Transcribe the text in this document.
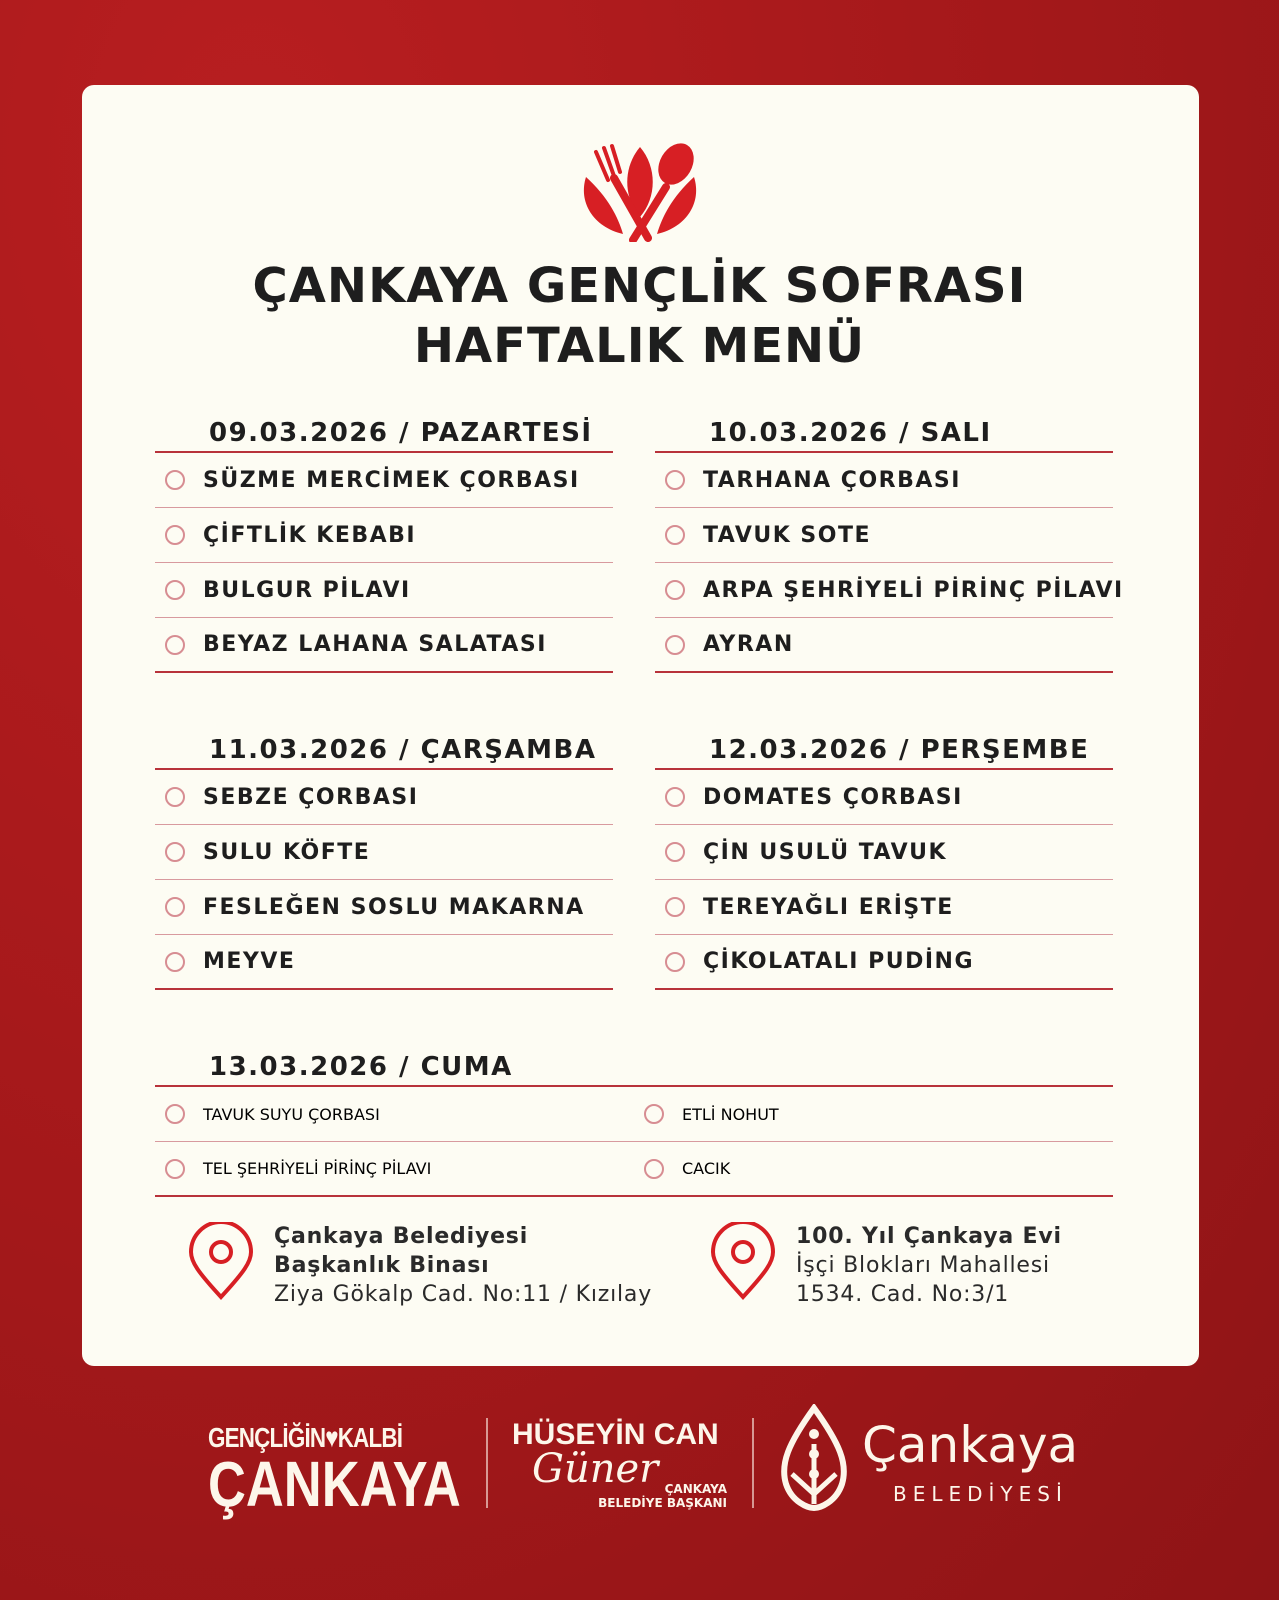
ÇANKAYA GENÇLİK SOFRASI
HAFTALIK MENÜ
09.03.2026 / PAZARTESİ
SÜZME MERCİMEK ÇORBASI
ÇİFTLİK KEBABI
BULGUR PİLAVI
BEYAZ LAHANA SALATASI
10.03.2026 / SALI
TARHANA ÇORBASI
TAVUK SOTE
ARPA ŞEHRİYELİ PİRİNÇ PİLAVI
AYRAN
11.03.2026 / ÇARŞAMBA
SEBZE ÇORBASI
SULU KÖFTE
FESLEĞEN SOSLU MAKARNA
MEYVE
12.03.2026 / PERŞEMBE
DOMATES ÇORBASI
ÇİN USULÜ TAVUK
TEREYAĞLI ERİŞTE
ÇİKOLATALI PUDİNG
13.03.2026 / CUMA
TAVUK SUYU ÇORBASI	ETLİ NOHUT
TEL ŞEHRİYELİ PİRİNÇ PİLAVI	CACIK
Çankaya Belediyesi
Başkanlık Binası
Ziya Gökalp Cad. No:11 / Kızılay
100. Yıl Çankaya Evi
İşçi Blokları Mahallesi
1534. Cad. No:3/1
GENÇLİĞİN♥KALBİ
ÇANKAYA
HÜSEYİN CAN
Güner ÇANKAYA
BELEDİYE BAŞKANI
Çankaya
BELEDİYESİ
